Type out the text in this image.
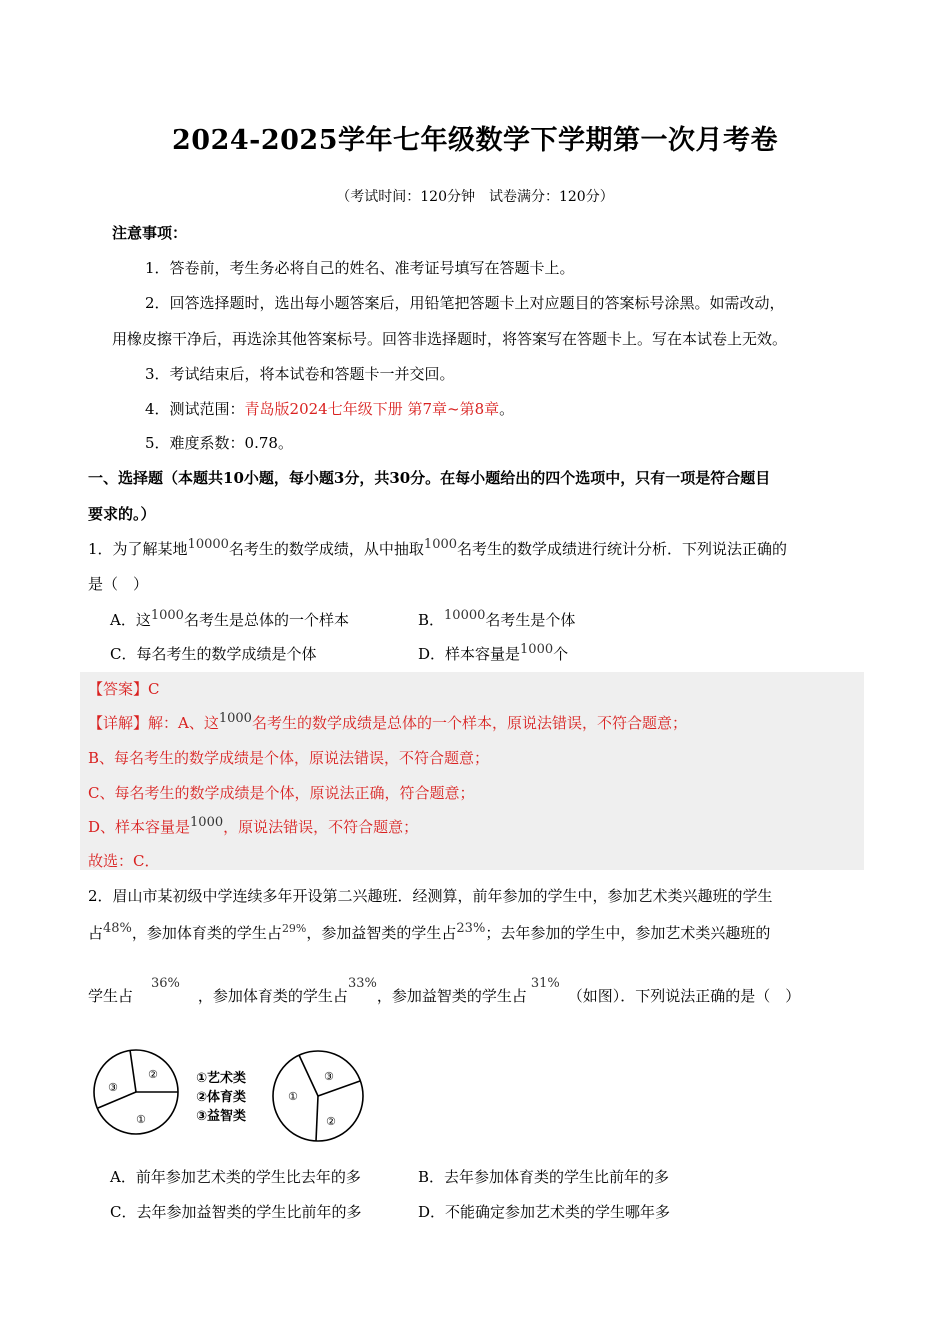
2024-2025学年七年级数学下学期第一次月考卷
（考试时间：120分钟　试卷满分：120分）
注意事项：
1．答卷前，考生务必将自己的姓名、准考证号填写在答题卡上。
2．回答选择题时，选出每小题答案后，用铅笔把答题卡上对应题目的答案标号涂黑。如需改动，
用橡皮擦干净后，再选涂其他答案标号。回答非选择题时，将答案写在答题卡上。写在本试卷上无效。
3．考试结束后，将本试卷和答题卡一并交回。
4．测试范围：青岛版2024七年级下册 第7章~第8章。
5．难度系数：0.78。
一、选择题（本题共10小题，每小题3分，共30分。在每小题给出的四个选项中，只有一项是符合题目
要求的。）
1．为了解某地10000名考生的数学成绩，从中抽取1000名考生的数学成绩进行统计分析．下列说法正确的
是（　）
A．这1000名考生是总体的一个样本	B．10000名考生是个体
C．每名考生的数学成绩是个体	D．样本容量是1000个
【答案】C
【详解】解：A、这1000名考生的数学成绩是总体的一个样本，原说法错误，不符合题意；
B、每名考生的数学成绩是个体，原说法错误，不符合题意；
C、每名考生的数学成绩是个体，原说法正确，符合题意；
D、样本容量是1000，原说法错误，不符合题意；
故选：C．
2．眉山市某初级中学连续多年开设第二兴趣班．经测算，前年参加的学生中，参加艺术类兴趣班的学生
占48%，参加体育类的学生占$^{29\%}$，参加益智类的学生占23%；去年参加的学生中，参加艺术类兴趣班的
学生占36%，参加体育类的学生占33%，参加益智类的学生占31%（如图）．下列说法正确的是（　）
②
③
①
①艺术类
②体育类
③益智类
③
①
②
A．前年参加艺术类的学生比去年的多	B．去年参加体育类的学生比前年的多
C．去年参加益智类的学生比前年的多	D．不能确定参加艺术类的学生哪年多
